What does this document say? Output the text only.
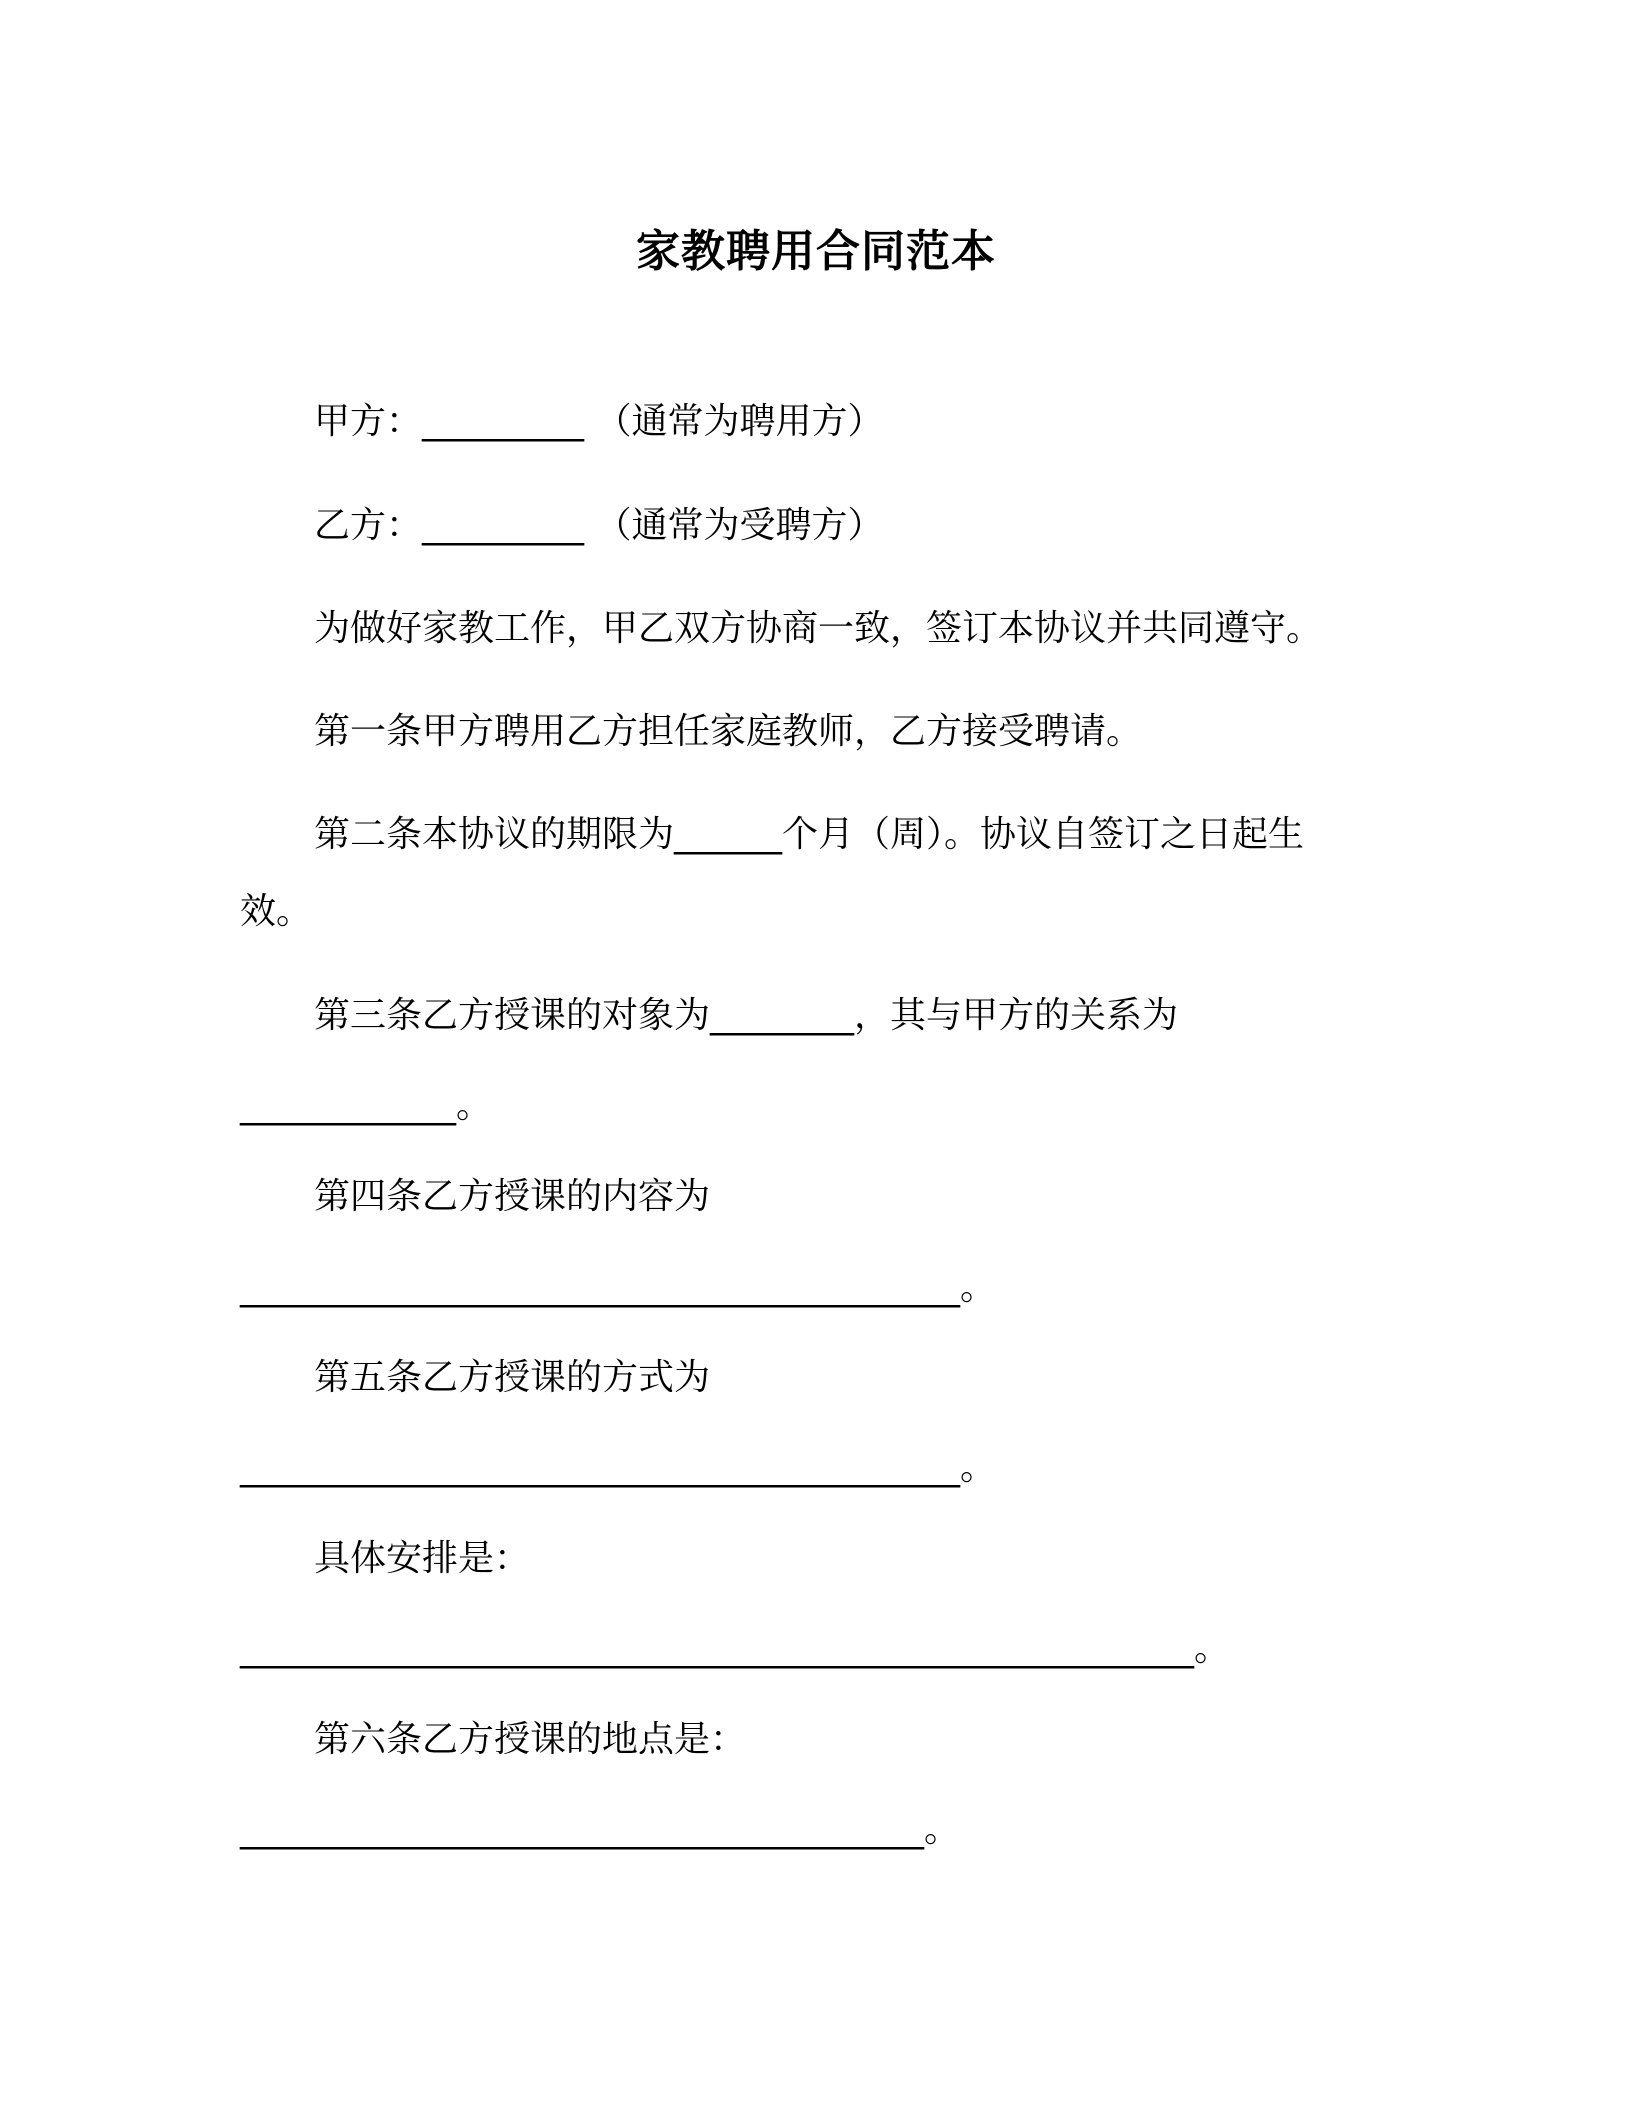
家教聘用合同范本
甲方：_________ （通常为聘用方）
乙方：_________ （通常为受聘方）
为做好家教工作，甲乙双方协商一致，签订本协议并共同遵守。
第一条甲方聘用乙方担任家庭教师，乙方接受聘请。
第二条本协议的期限为______个月（周）。协议自签订之日起生
效。
第三条乙方授课的对象为________，其与甲方的关系为
____________。
第四条乙方授课的内容为
________________________________________。
第五条乙方授课的方式为
________________________________________。
具体安排是：
_____________________________________________________。
第六条乙方授课的地点是：
______________________________________。
